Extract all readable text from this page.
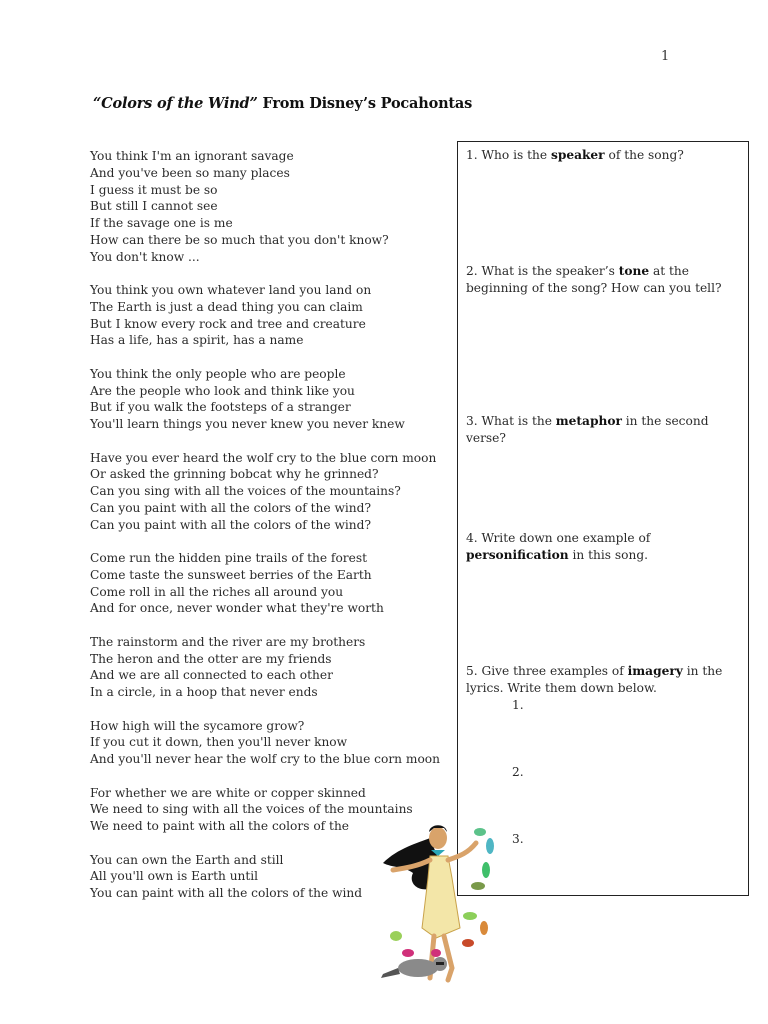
1
“Colors of the Wind” From Disney’s Pocahontas
You think I'm an ignorant savage
And you've been so many places
I guess it must be so
But still I cannot see
If the savage one is me
How can there be so much that you don't know?
You don't know ...
You think you own whatever land you land on
The Earth is just a dead thing you can claim
But I know every rock and tree and creature
Has a life, has a spirit, has a name
You think the only people who are people
Are the people who look and think like you
But if you walk the footsteps of a stranger
You'll learn things you never knew you never knew
Have you ever heard the wolf cry to the blue corn moon
Or asked the grinning bobcat why he grinned?
Can you sing with all the voices of the mountains?
Can you paint with all the colors of the wind?
Can you paint with all the colors of the wind?
Come run the hidden pine trails of the forest
Come taste the sunsweet berries of the Earth
Come roll in all the riches all around you
And for once, never wonder what they're worth
The rainstorm and the river are my brothers
The heron and the otter are my friends
And we are all connected to each other
In a circle, in a hoop that never ends
How high will the sycamore grow?
If you cut it down, then you'll never know
And you'll never hear the wolf cry to the blue corn moon
For whether we are white or copper skinned
We need to sing with all the voices of the mountains
We need to paint with all the colors of the
You can own the Earth and still
All you'll own is Earth until
You can paint with all the colors of the wind
1. Who is the speaker of the song?
2. What is the speaker’s tone at the beginning of the song? How can you tell?
3. What is the metaphor in the second verse?
4. Write down one example of personification in this song.
5. Give three examples of imagery in the lyrics. Write them down below.
1.
2.
3.
